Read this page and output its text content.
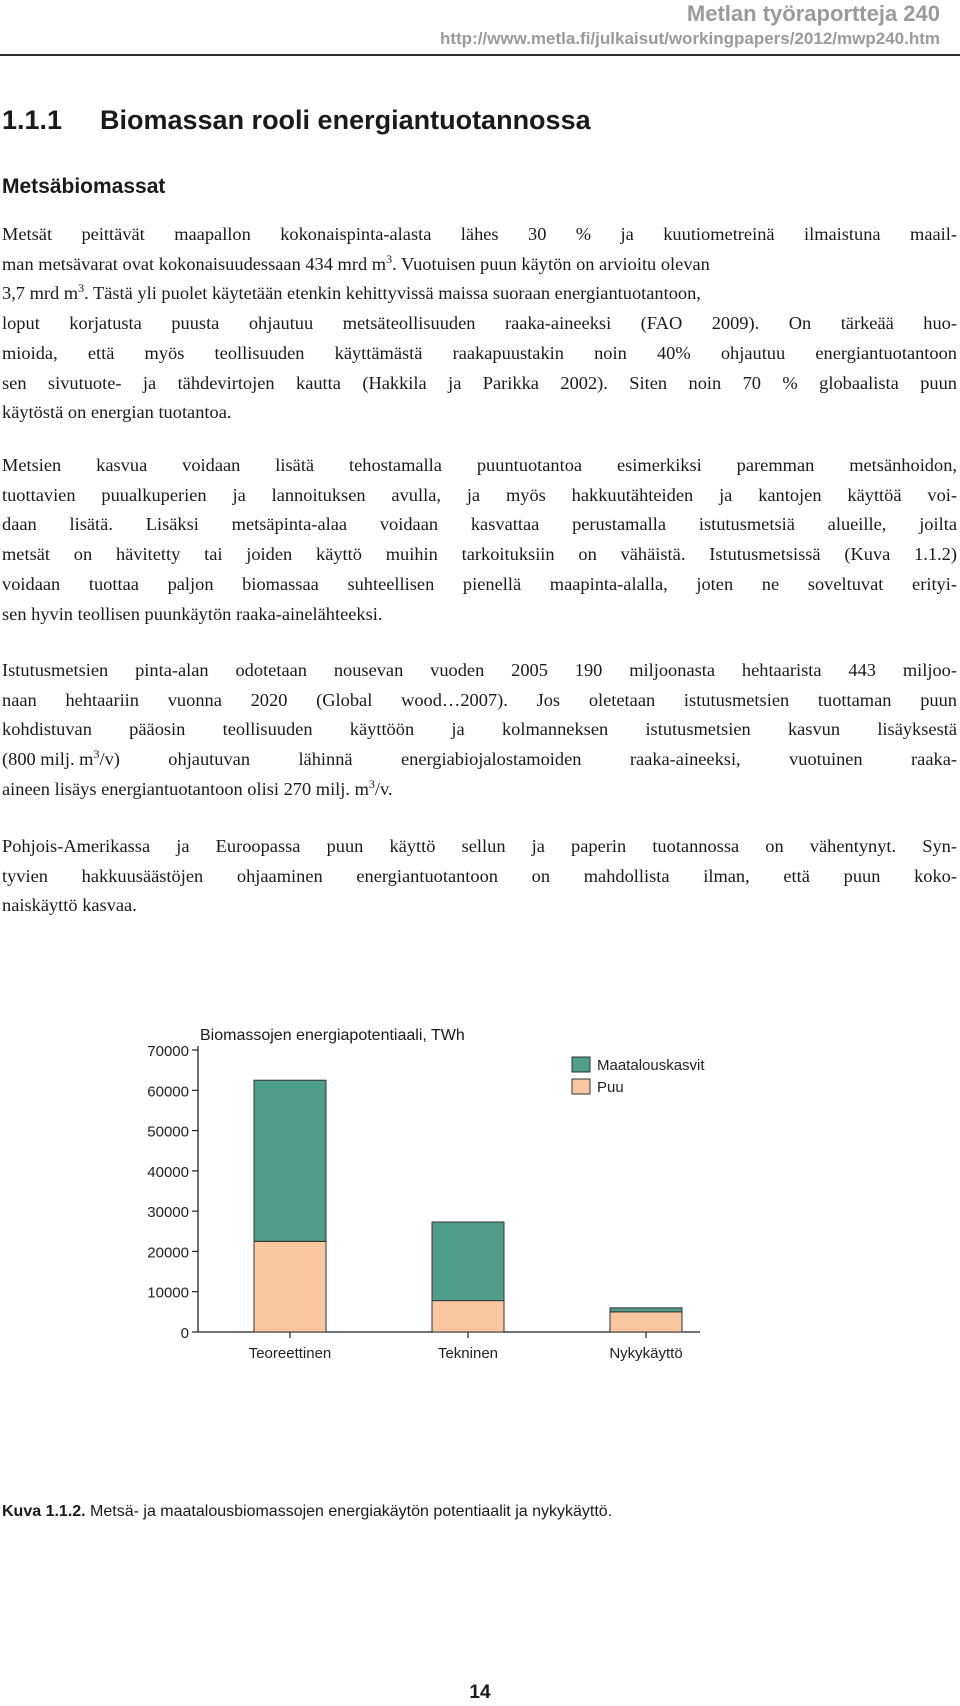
Metlan työraportteja 240
http://www.metla.fi/julkaisut/workingpapers/2012/mwp240.htm
1.1.1 Biomassan rooli energiantuotannossa
Metsäbiomassat
Metsät peittävät maapallon kokonaispinta-alasta lähes 30 % ja kuutiometreinä ilmaistuna maail-
man metsävarat ovat kokonaisuudessaan 434 mrd $m^3$. Vuotuisen puun käytön on arvioitu olevan
3,7 mrd $m^3$. Tästä yli puolet käytetään etenkin kehittyvissä maissa suoraan energiantuotantoon,
loput korjatusta puusta ohjautuu metsäteollisuuden raaka-aineeksi (FAO 2009). On tärkeää huo-
mioida, että myös teollisuuden käyttämästä raakapuustakin noin 40% ohjautuu energiantuotantoon
sen sivutuote- ja tähdevirtojen kautta (Hakkila ja Parikka 2002). Siten noin 70 % globaalista puun
käytöstä on energian tuotantoa.
Metsien kasvua voidaan lisätä tehostamalla puuntuotantoa esimerkiksi paremman metsänhoidon,
tuottavien puualkuperien ja lannoituksen avulla, ja myös hakkuutähteiden ja kantojen käyttöä voi-
daan lisätä. Lisäksi metsäpinta-alaa voidaan kasvattaa perustamalla istutusmetsiä alueille, joilta
metsät on hävitetty tai joiden käyttö muihin tarkoituksiin on vähäistä. Istutusmetsissä (Kuva 1.1.2)
voidaan tuottaa paljon biomassaa suhteellisen pienellä maapinta-alalla, joten ne soveltuvat erityi-
sen hyvin teollisen puunkäytön raaka-ainelähteeksi.
Istutusmetsien pinta-alan odotetaan nousevan vuoden 2005 190 miljoonasta hehtaarista 443 miljoo-
naan hehtaariin vuonna 2020 (Global wood…2007). Jos oletetaan istutusmetsien tuottaman puun
kohdistuvan pääosin teollisuuden käyttöön ja kolmanneksen istutusmetsien kasvun lisäyksestä
(800 milj. m 3 /v) ohjautuvan lähinnä energiabiojalostamoiden raaka-aineeksi, vuotuinen raaka-
aineen lisäys energiantuotantoon olisi 270 milj. $m^3/v$.
Pohjois-Amerikassa ja Euroopassa puun käyttö sellun ja paperin tuotannossa on vähentynyt. Syn-
tyvien hakkuusäästöjen ohjaaminen energiantuotantoon on mahdollista ilman, että puun koko-
naiskäyttö kasvaa.
Biomassojen energiapotentiaali, TWh
0
10000
20000
30000
40000
50000
60000
70000
Teoreettinen	Tekninen	Nykykäyttö
Maatalouskasvit
Puu
Kuva 1.1.2. Metsä- ja maatalousbiomassojen energiakäytön potentiaalit ja nykykäyttö.
14
